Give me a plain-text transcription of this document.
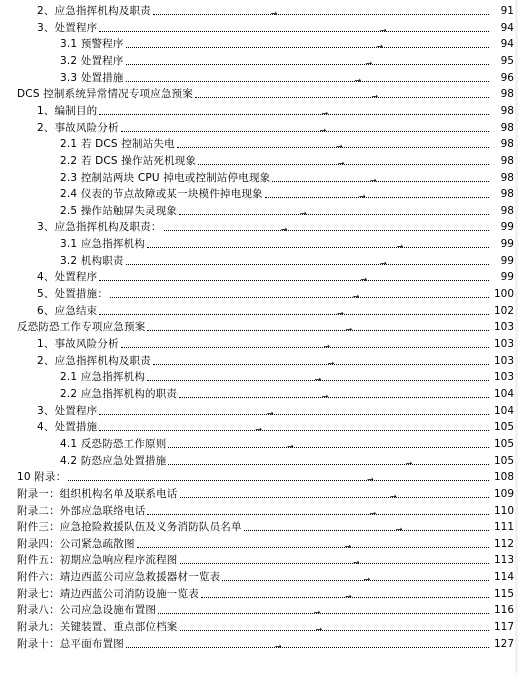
2、应急指挥机构及职责	→	91
3、处置程序	→	94
3.1 预警程序	→	94
3.2 处置程序	→	95
3.3 处置措施	→	96
DCS 控制系统异常情况专项应急预案	→	98
1、编制目的	→	98
2、事故风险分析	→	98
2.1 若 DCS 控制站失电	→	98
2.2 若 DCS 操作站死机现象	→	98
2.3 控制站两块 CPU 掉电或控制站停电现象	→	98
2.4 仪表的节点故障或某一块模件掉电现象	→	98
2.5 操作站触屏失灵现象	→	98
3、应急指挥机构及职责：	→	99
3.1 应急指挥机构	→	99
3.2 机构职责	→	99
4、处置程序	→	99
5、处置措施：	→	100
6、应急结束	→	102
反恐防恐工作专项应急预案	→	103
1、事故风险分析	→	103
2、应急指挥机构及职责	→	103
2.1 应急指挥机构	→	103
2.2 应急指挥机构的职责	→	104
3、处置程序	→	104
4、处置措施	→	105
4.1 反恐防恐工作原则	→	105
4.2 防恐应急处置措施	→	105
10 附录：	→	108
附录一：组织机构名单及联系电话	→	109
附录二：外部应急联络电话	→	110
附件三：应急抢险救援队伍及义务消防队员名单	→	111
附录四：公司紧急疏散图	→	112
附件五：初期应急响应程序流程图	→	113
附件六：靖边西蓝公司应急救援器材一览表	→	114
附录七：靖边西蓝公司消防设施一览表	→	115
附录八：公司应急设施布置图	→	116
附录九：关键装置、重点部位档案	→	117
附录十：总平面布置图	→	127
